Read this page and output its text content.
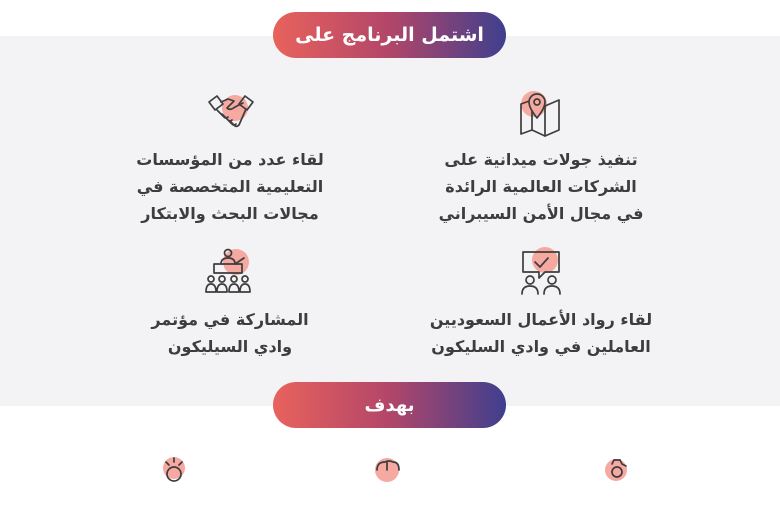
اشتمل البرنامج على
لقاء عدد من المؤسسات
التعليمية المتخصصة في
مجالات البحث والابتكار
تنفيذ جولات ميدانية على
الشركات العالمية الرائدة
في مجال الأمن السيبراني
المشاركة في مؤتمر
وادي السيليكون
لقاء رواد الأعمال السعوديين
العاملين في وادي السليكون
بهدف
